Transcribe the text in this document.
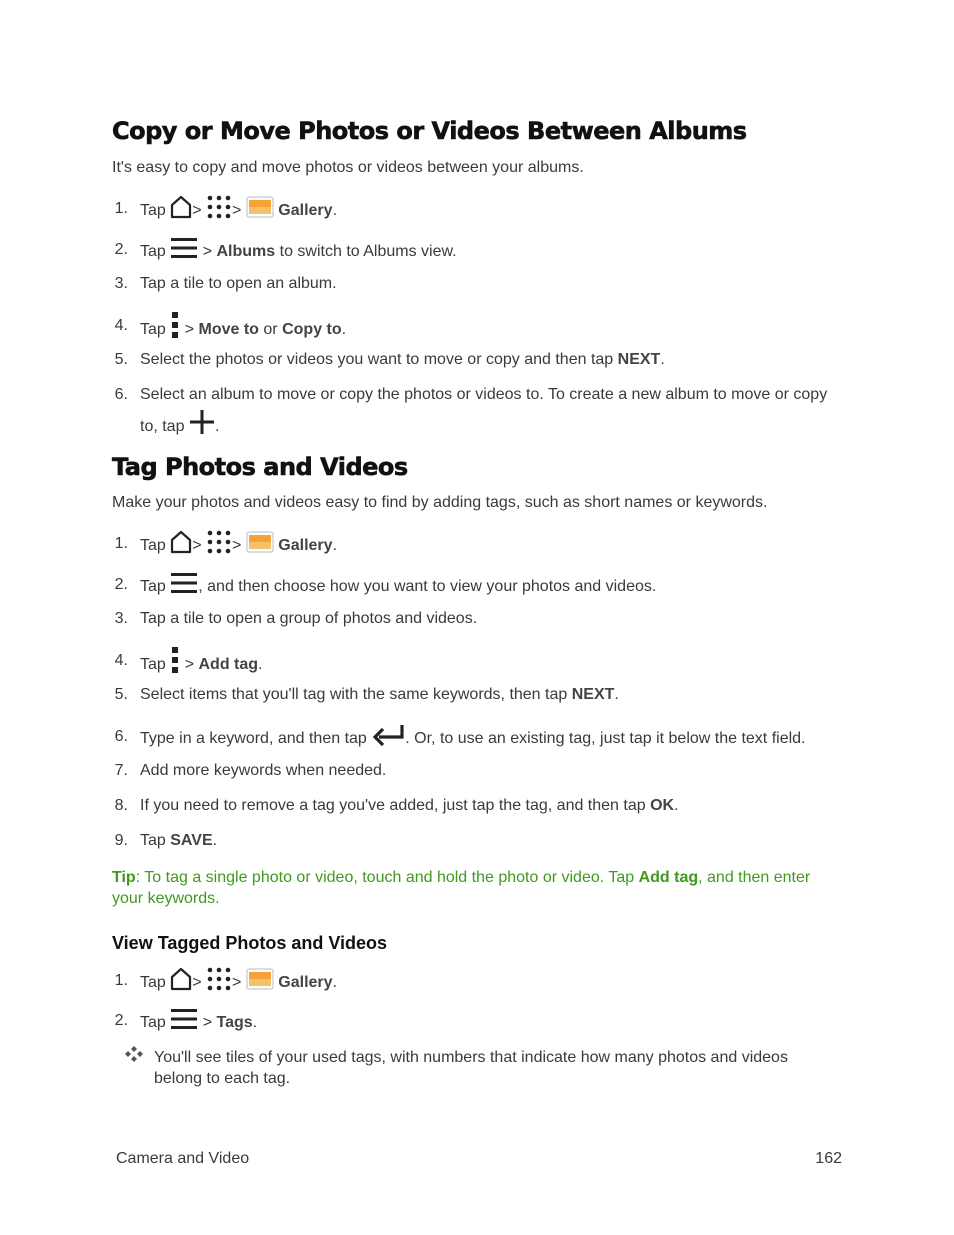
Copy or Move Photos or Videos Between Albums

It's easy to copy and move photos or videos between your albums.

1. Tap > > Gallery.
2. Tap > Albums to switch to Albums view.
3. Tap a tile to open an album.
4. Tap > Move to or Copy to.
5. Select the photos or videos you want to move or copy and then tap NEXT.
6. Select an album to move or copy the photos or videos to. To create a new album to move or copy
to, tap .
Tag Photos and Videos

Make your photos and videos easy to find by adding tags, such as short names or keywords.

1. Tap > > Gallery.
2. Tap , and then choose how you want to view your photos and videos.
3. Tap a tile to open a group of photos and videos.
4. Tap > Add tag.
5. Select items that you'll tag with the same keywords, then tap NEXT.
6. Type in a keyword, and then tap . Or, to use an existing tag, just tap it below the text field.
7. Add more keywords when needed.
8. If you need to remove a tag you've added, just tap the tag, and then tap OK.
9. Tap SAVE.
Tip: To tag a single photo or video, touch and hold the photo or video. Tap Add tag, and then enter
your keywords.
View Tagged Photos and Videos
1. Tap > > Gallery.
2. Tap > Tags.
You'll see tiles of your used tags, with numbers that indicate how many photos and videos
belong to each tag.
Camera and Video	162
